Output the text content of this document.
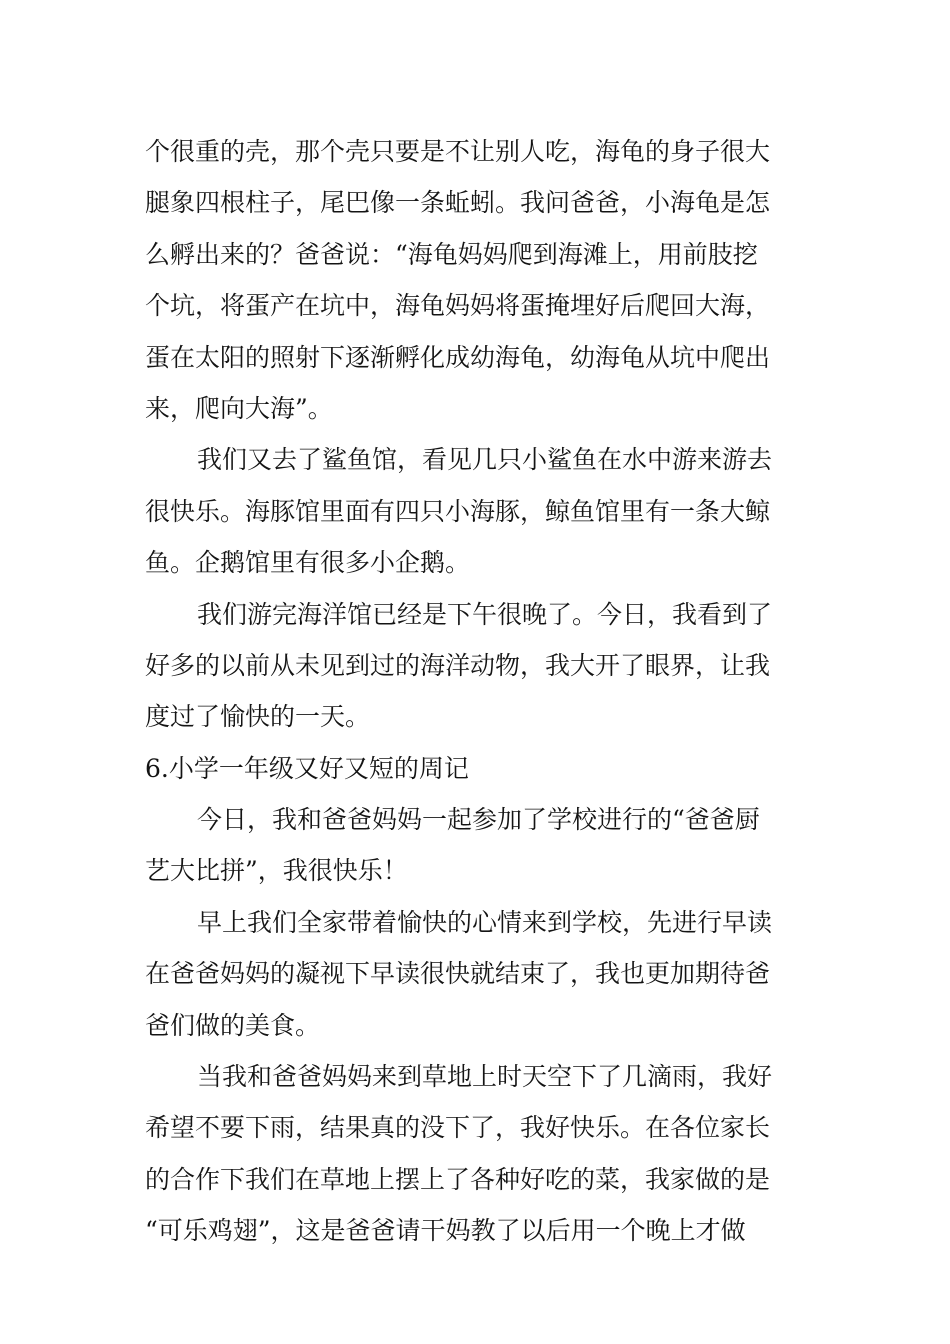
个很重的壳，那个壳只要是不让别人吃，海龟的身子很大
腿象四根柱子，尾巴像一条蚯蚓。我问爸爸，小海龟是怎
么孵出来的？爸爸说：“海龟妈妈爬到海滩上，用前肢挖
个坑，将蛋产在坑中，海龟妈妈将蛋掩埋好后爬回大海，
蛋在太阳的照射下逐渐孵化成幼海龟，幼海龟从坑中爬出
来，爬向大海”。
我们又去了鲨鱼馆，看见几只小鲨鱼在水中游来游去
很快乐。海豚馆里面有四只小海豚，鲸鱼馆里有一条大鲸
鱼。企鹅馆里有很多小企鹅。
我们游完海洋馆已经是下午很晚了。今日，我看到了
好多的以前从未见到过的海洋动物，我大开了眼界，让我
度过了愉快的一天。
6.小学一年级又好又短的周记
今日，我和爸爸妈妈一起参加了学校进行的“爸爸厨
艺大比拼”，我很快乐！
早上我们全家带着愉快的心情来到学校，先进行早读
在爸爸妈妈的凝视下早读很快就结束了，我也更加期待爸
爸们做的美食。
当我和爸爸妈妈来到草地上时天空下了几滴雨，我好
希望不要下雨，结果真的没下了，我好快乐。在各位家长
的合作下我们在草地上摆上了各种好吃的菜，我家做的是
“可乐鸡翅”，这是爸爸请干妈教了以后用一个晚上才做
